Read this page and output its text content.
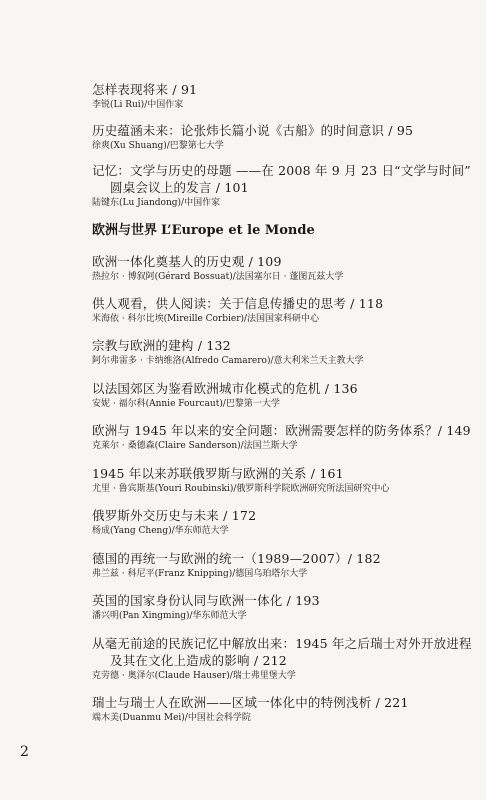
怎样表现将来 / 91
李锐(Li Rui)/中国作家
历史蕴涵未来：论张炜长篇小说《古船》的时间意识 / 95
徐爽(Xu Shuang)/巴黎第七大学
记忆：文学与历史的母题 ——在 2008 年 9 月 23 日“文学与时间”
圆桌会议上的发言 / 101
陆键东(Lu Jiandong)/中国作家
欧洲与世界 L’Europe et le Monde
欧洲一体化奠基人的历史观 / 109
热拉尔 · 博叙阿(Gérard Bossuat)/法国塞尔日 · 蓬图瓦兹大学
供人观看，供人阅读：关于信息传播史的思考 / 118
米海依 · 科尔比埃(Mireille Corbier)/法国国家科研中心
宗教与欧洲的建构 / 132
阿尔弗雷多 · 卡纳维洛(Alfredo Camarero)/意大利米兰天主教大学
以法国郊区为鉴看欧洲城市化模式的危机 / 136
安妮 · 福尔科(Annie Fourcaut)/巴黎第一大学
欧洲与 1945 年以来的安全问题：欧洲需要怎样的防务体系？/ 149
克莱尔 · 桑德森(Claire Sanderson)/法国兰斯大学
1945 年以来苏联俄罗斯与欧洲的关系 / 161
尤里 · 鲁宾斯基(Youri Roubinski)/俄罗斯科学院欧洲研究所法国研究中心
俄罗斯外交历史与未来 / 172
杨成(Yang Cheng)/华东师范大学
德国的再统一与欧洲的统一（1989—2007）/ 182
弗兰兹 · 科尼平(Franz Knipping)/德国乌珀塔尔大学
英国的国家身份认同与欧洲一体化 / 193
潘兴明(Pan Xingming)/华东师范大学
从毫无前途的民族记忆中解放出来：1945 年之后瑞士对外开放进程
及其在文化上造成的影响 / 212
克劳德 · 奥泽尔(Claude Hauser)/瑞士弗里堡大学
瑞士与瑞士人在欧洲——区域一体化中的特例浅析 / 221
端木美(Duanmu Mei)/中国社会科学院
2
